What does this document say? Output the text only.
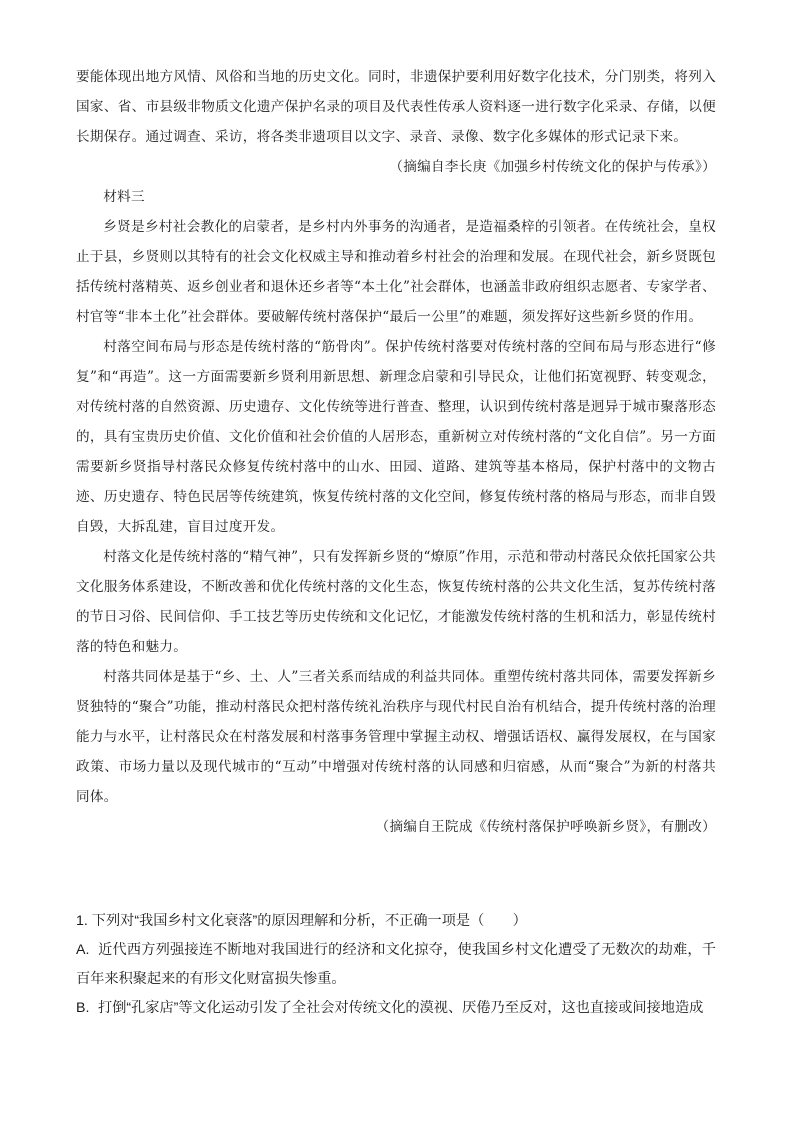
要能体现出地方风情、风俗和当地的历史文化。同时，非遗保护要利用好数字化技术，分门别类，将列入国家、省、市县级非物质文化遗产保护名录的项目及代表性传承人资料逐一进行数字化采录、存储，以便长期保存。通过调查、采访，将各类非遗项目以文字、录音、录像、数字化多媒体的形式记录下来。

（摘编自李长庚《加强乡村传统文化的保护与传承》）

材料三

乡贤是乡村社会教化的启蒙者，是乡村内外事务的沟通者，是造福桑梓的引领者。在传统社会，皇权止于县，乡贤则以其特有的社会文化权威主导和推动着乡村社会的治理和发展。在现代社会，新乡贤既包括传统村落精英、返乡创业者和退休还乡者等“本土化”社会群体，也涵盖非政府组织志愿者、专家学者、村官等“非本土化”社会群体。要破解传统村落保护“最后一公里”的难题，须发挥好这些新乡贤的作用。

村落空间布局与形态是传统村落的“筋骨肉”。保护传统村落要对传统村落的空间布局与形态进行“修复”和“再造”。这一方面需要新乡贤利用新思想、新理念启蒙和引导民众，让他们拓宽视野、转变观念，对传统村落的自然资源、历史遗存、文化传统等进行普查、整理，认识到传统村落是迥异于城市聚落形态的，具有宝贵历史价值、文化价值和社会价值的人居形态，重新树立对传统村落的“文化自信”。另一方面需要新乡贤指导村落民众修复传统村落中的山水、田园、道路、建筑等基本格局，保护村落中的文物古迹、历史遗存、特色民居等传统建筑，恢复传统村落的文化空间，修复传统村落的格局与形态，而非自毁自毁，大拆乱建，盲目过度开发。

村落文化是传统村落的“精气神”，只有发挥新乡贤的“燎原”作用，示范和带动村落民众依托国家公共文化服务体系建设，不断改善和优化传统村落的文化生态，恢复传统村落的公共文化生活，复苏传统村落的节日习俗、民间信仰、手工技艺等历史传统和文化记忆，才能激发传统村落的生机和活力，彰显传统村落的特色和魅力。

村落共同体是基于“乡、土、人”三者关系而结成的利益共同体。重塑传统村落共同体，需要发挥新乡贤独特的“聚合”功能，推动村落民众把村落传统礼治秩序与现代村民自治有机结合，提升传统村落的治理能力与水平，让村落民众在村落发展和村落事务管理中掌握主动权、增强话语权、赢得发展权，在与国家政策、市场力量以及现代城市的“互动”中增强对传统村落的认同感和归宿感，从而“聚合”为新的村落共同体。

（摘编自王院成《传统村落保护呼唤新乡贤》，有删改）

1. 下列对“我国乡村文化衰落”的原因理解和分析，不正确一项是（　　）

A. 近代西方列强接连不断地对我国进行的经济和文化掠夺，使我国乡村文化遭受了无数次的劫难，千百年来积聚起来的有形文化财富损失惨重。

B. 打倒“孔家店”等文化运动引发了全社会对传统文化的漠视、厌倦乃至反对，这也直接或间接地造成
